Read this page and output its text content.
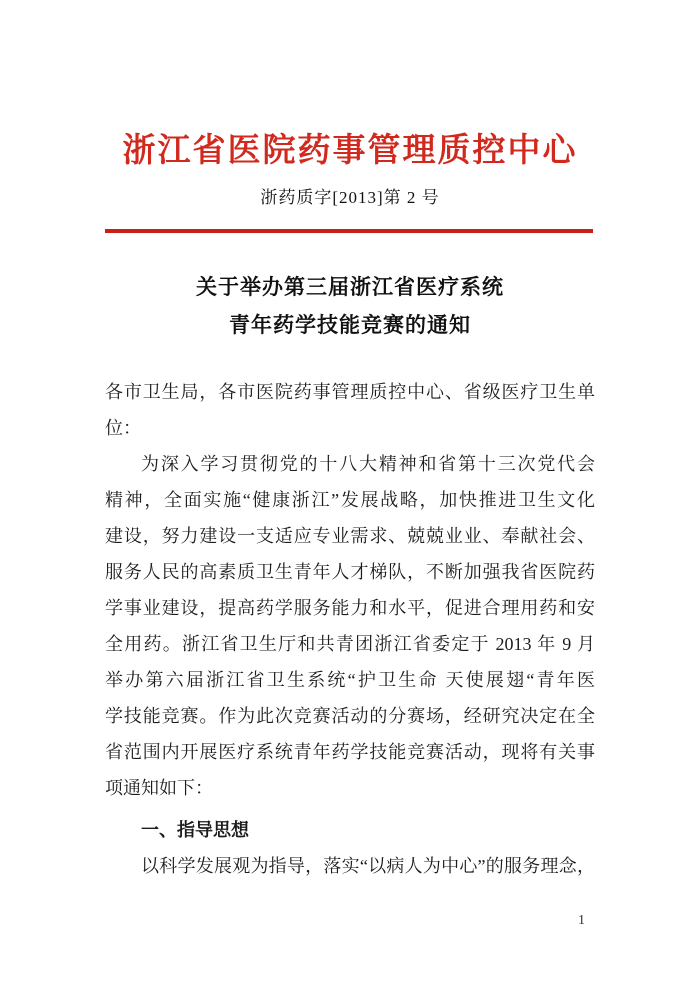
浙江省医院药事管理质控中心
浙药质字[2013]第 2 号
关于举办第三届浙江省医疗系统
青年药学技能竞赛的通知
各市卫生局，各市医院药事管理质控中心、省级医疗卫生单
位：
为深入学习贯彻党的十八大精神和省第十三次党代会
精神，全面实施“健康浙江”发展战略，加快推进卫生文化
建设，努力建设一支适应专业需求、兢兢业业、奉献社会、
服务人民的高素质卫生青年人才梯队，不断加强我省医院药
学事业建设，提高药学服务能力和水平，促进合理用药和安
全用药。浙江省卫生厅和共青团浙江省委定于 2013 年 9 月
举办第六届浙江省卫生系统“护卫生命 天使展翅“青年医
学技能竞赛。作为此次竞赛活动的分赛场，经研究决定在全
省范围内开展医疗系统青年药学技能竞赛活动，现将有关事
项通知如下：
一、指导思想
以科学发展观为指导，落实“以病人为中心”的服务理念，
1
